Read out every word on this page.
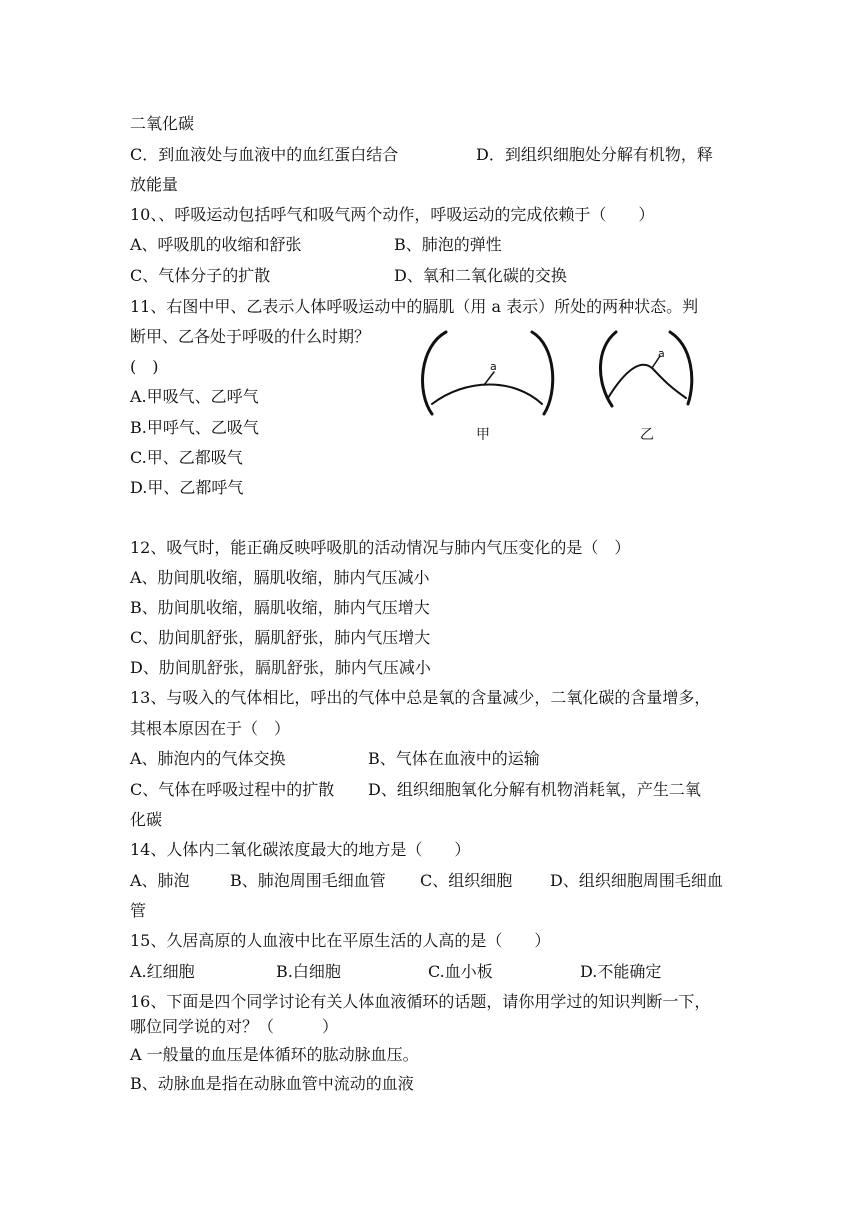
二氧化碳
C．到血液处与血液中的血红蛋白结合	D．到组织细胞处分解有机物，释
放能量
10、、呼吸运动包括呼气和吸气两个动作，呼吸运动的完成依赖于（　　）
A、呼吸肌的收缩和舒张	B、肺泡的弹性
C、气体分子的扩散	D、氧和二氧化碳的交换
11、右图中甲、乙表示人体呼吸运动中的膈肌（用 a 表示）所处的两种状态。判
断甲、乙各处于呼吸的什么时期？
(　)
A.甲吸气、乙呼气
B.甲呼气、乙吸气
C.甲、乙都吸气
D.甲、乙都呼气
a
甲
a
乙
12、吸气时，能正确反映呼吸肌的活动情况与肺内气压变化的是（　）
A、肋间肌收缩，膈肌收缩，肺内气压减小
B、肋间肌收缩，膈肌收缩，肺内气压增大
C、肋间肌舒张，膈肌舒张，肺内气压增大
D、肋间肌舒张，膈肌舒张，肺内气压减小
13、与吸入的气体相比，呼出的气体中总是氧的含量减少，二氧化碳的含量增多，
其根本原因在于（　）
A、肺泡内的气体交换	B、气体在血液中的运输
C、气体在呼吸过程中的扩散 D、组织细胞氧化分解有机物消耗氧，产生二氧
化碳
14、人体内二氧化碳浓度最大的地方是（　　）
A、肺泡	B、肺泡周围毛细血管 C、组织细胞 D、组织细胞周围毛细血
管
15、久居高原的人血液中比在平原生活的人高的是（　　）
A.红细胞	B.白细胞	C.血小板	D.不能确定
16、下面是四个同学讨论有关人体血液循环的话题，请你用学过的知识判断一下，
哪位同学说的对？（　　　）
A 一般量的血压是体循环的肱动脉血压。
B、动脉血是指在动脉血管中流动的血液
